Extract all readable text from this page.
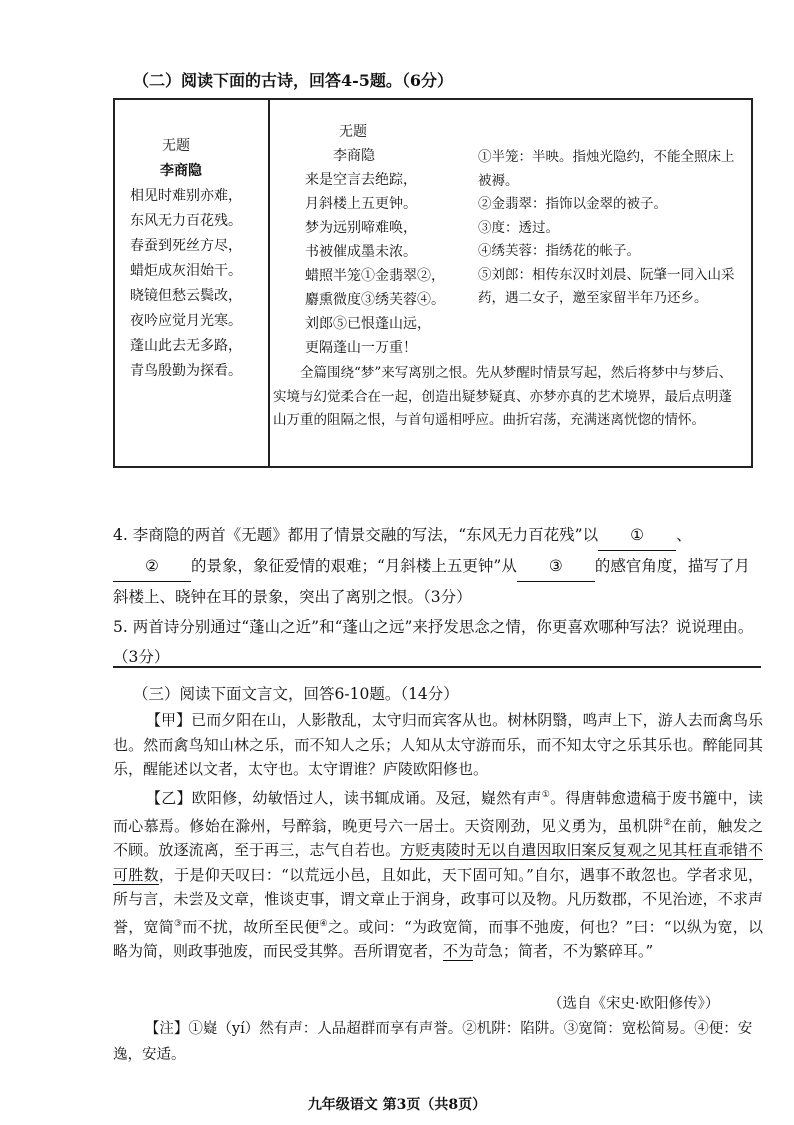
（二）阅读下面的古诗，回答4-5题。（6分）
无题
李商隐
相见时难别亦难，
东风无力百花残。
春蚕到死丝方尽，
蜡炬成灰泪始干。
晓镜但愁云鬓改，
夜吟应觉月光寒。
蓬山此去无多路，
青鸟殷勤为探看。
无题
李商隐
来是空言去绝踪，
月斜楼上五更钟。
梦为远别啼难唤，
书被催成墨未浓。
蜡照半笼①金翡翠②，
麝熏微度③绣芙蓉④。
刘郎⑤已恨蓬山远，
更隔蓬山一万重！
①半笼：半映。指烛光隐约，不能全照床上被褥。
②金翡翠：指饰以金翠的被子。
③度：透过。
④绣芙蓉：指绣花的帐子。
⑤刘郎：相传东汉时刘晨、阮肇一同入山采药，遇二女子，邀至家留半年乃还乡。
全篇围绕“梦”来写离别之恨。先从梦醒时情景写起，然后将梦中与梦后、实境与幻觉柔合在一起，创造出疑梦疑真、亦梦亦真的艺术境界，最后点明蓬山万重的阻隔之恨，与首句遥相呼应。曲折宕荡，充满迷离恍惚的情怀。
4. 李商隐的两首《无题》都用了情景交融的写法，“东风无力百花残”以 ① 、② 的景象，象征爱情的艰难；“月斜楼上五更钟”从 ③ 的感官角度，描写了月斜楼上、晓钟在耳的景象，突出了离别之恨。（3分）
5. 两首诗分别通过“蓬山之近”和“蓬山之远”来抒发思念之情，你更喜欢哪种写法？说说理由。（3分）
（三）阅读下面文言文，回答6-10题。（14分）
【甲】已而夕阳在山，人影散乱，太守归而宾客从也。树林阴翳，鸣声上下，游人去而禽鸟乐也。然而禽鸟知山林之乐，而不知人之乐；人知从太守游而乐，而不知太守之乐其乐也。醉能同其乐，醒能述以文者，太守也。太守谓谁？庐陵欧阳修也。
【乙】欧阳修，幼敏悟过人，读书辄成诵。及冠，嶷然有声①。得唐韩愈遗稿于废书簏中，读而心慕焉。修始在滁州，号醉翁，晚更号六一居士。天资刚劲，见义勇为，虽机阱②在前，触发之不顾。放逐流离，至于再三，志气自若也。方贬夷陵时无以自遣因取旧案反复观之见其枉直乖错不可胜数，于是仰天叹曰：“以荒远小邑，且如此，天下固可知。”自尔，遇事不敢忽也。学者求见，所与言，未尝及文章，惟谈吏事，谓文章止于润身，政事可以及物。凡历数郡，不见治迹，不求声誉，宽简③而不扰，故所至民便④之。或问：“为政宽简，而事不弛废，何也？”曰：“以纵为宽，以略为简，则政事弛废，而民受其弊。吾所谓宽者，不为苛急；简者，不为繁碎耳。”
（选自《宋史·欧阳修传》）
【注】①嶷（yí）然有声：人品超群而享有声誉。②机阱：陷阱。③宽简：宽松简易。④便：安逸，安适。
九年级语文 第3页（共8页）
